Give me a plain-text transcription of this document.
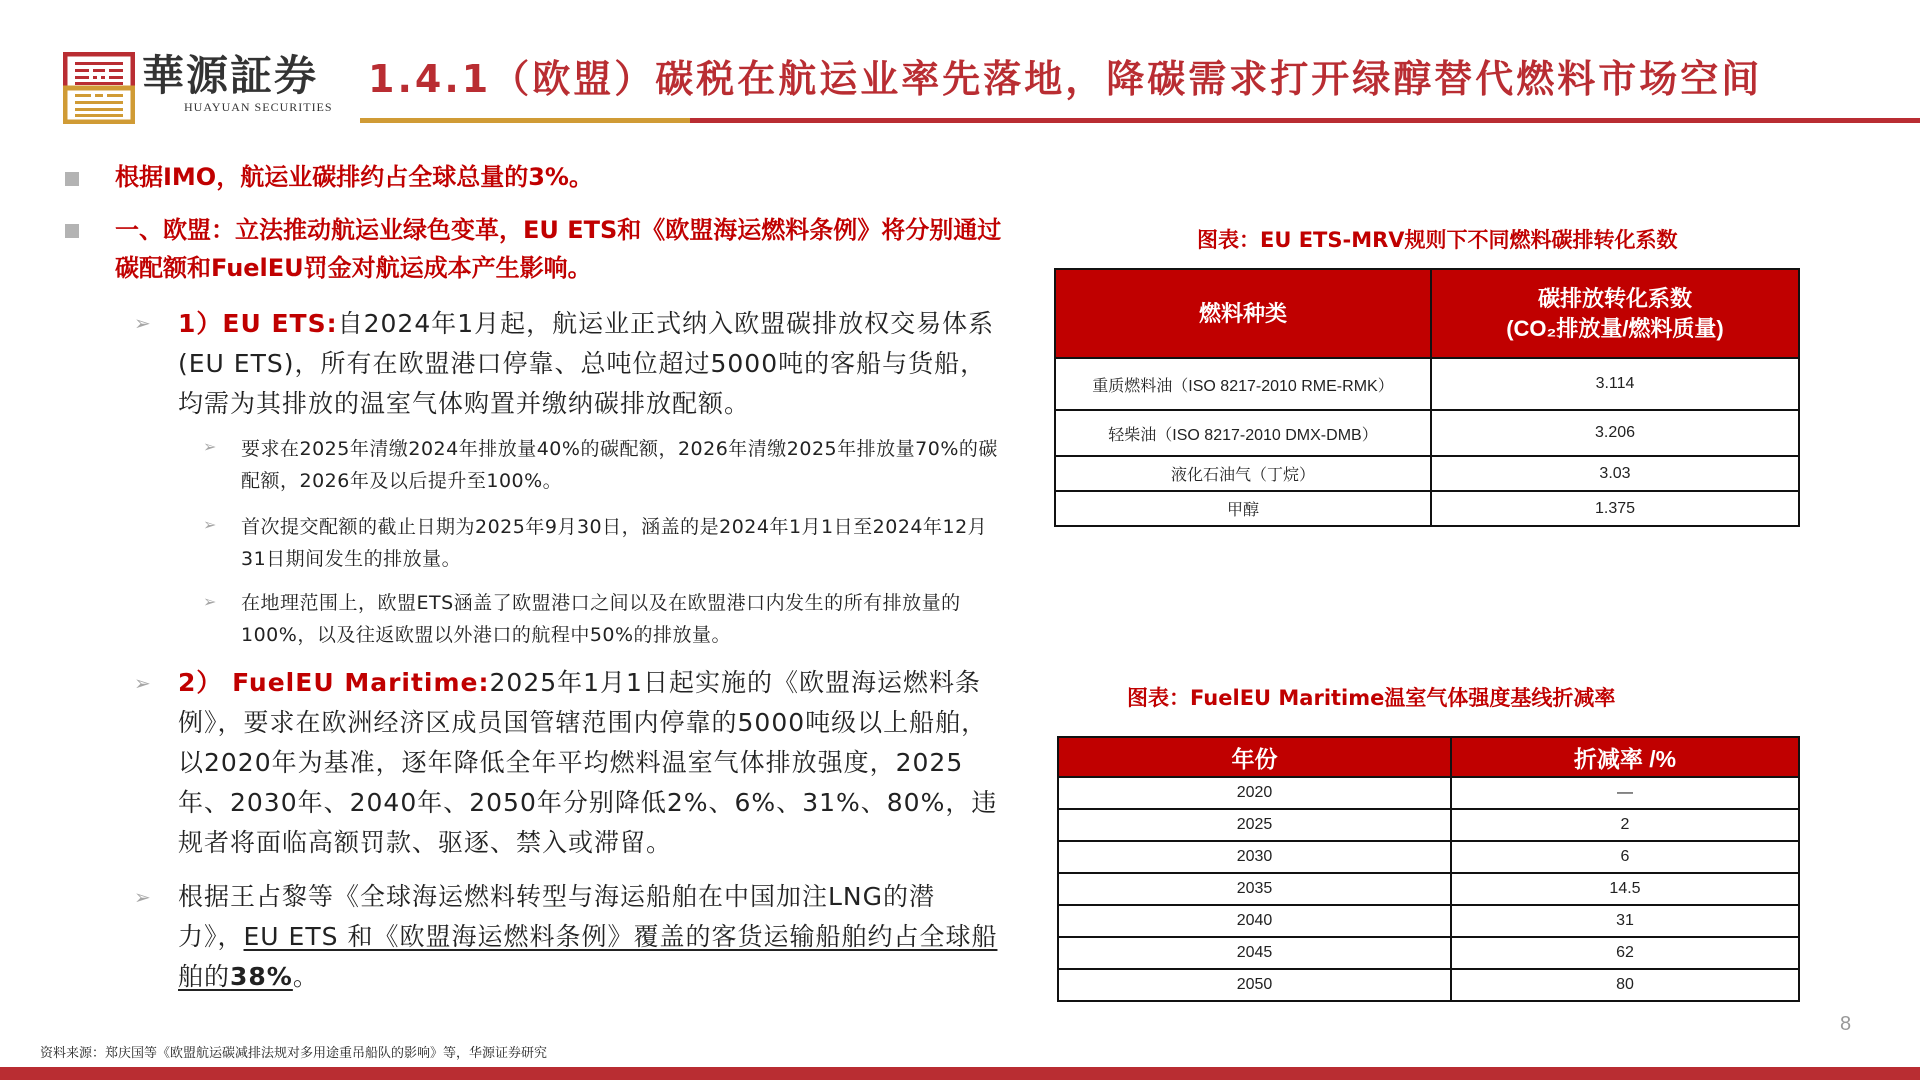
華源証券
HUAYUAN SECURITIES
1.4.1（欧盟）碳税在航运业率先落地，降碳需求打开绿醇替代燃料市场空间
根据IMO，航运业碳排约占全球总量的3%。
一、欧盟：立法推动航运业绿色变革，EU ETS和《欧盟海运燃料条例》将分别通过碳配额和FuelEU罚金对航运成本产生影响。
➢ 1）EU ETS:自2024年1月起，航运业正式纳入欧盟碳排放权交易体系(EU ETS)，所有在欧盟港口停靠、总吨位超过5000吨的客船与货船，均需为其排放的温室气体购置并缴纳碳排放配额。
➢ 要求在2025年清缴2024年排放量40%的碳配额，2026年清缴2025年排放量70%的碳配额，2026年及以后提升至100%。
➢ 首次提交配额的截止日期为2025年9月30日，涵盖的是2024年1月1日至2024年12月31日期间发生的排放量。
➢ 在地理范围上，欧盟ETS涵盖了欧盟港口之间以及在欧盟港口内发生的所有排放量的100%，以及往返欧盟以外港口的航程中50%的排放量。
➢ 2） FuelEU Maritime:2025年1月1日起实施的《欧盟海运燃料条例》，要求在欧洲经济区成员国管辖范围内停靠的5000吨级以上船舶，以2020年为基准，逐年降低全年平均燃料温室气体排放强度，2025年、2030年、2040年、2050年分别降低2%、6%、31%、80%，违规者将面临高额罚款、驱逐、禁入或滞留。
➢ 根据王占黎等《全球海运燃料转型与海运船舶在中国加注LNG的潜力》，EU ETS 和《欧盟海运燃料条例》覆盖的客货运输船舶约占全球船舶的38%。
图表：EU ETS-MRV规则下不同燃料碳排转化系数
燃料种类	碳排放转化系数
(CO₂排放量/燃料质量)

重质燃料油（ISO 8217-2010 RME-RMK）	3.114
轻柴油（ISO 8217-2010 DMX-DMB）	3.206
液化石油气（丁烷）	3.03
甲醇	1.375
图表：FuelEU Maritime温室气体强度基线折减率
年份	折减率 /%
2020	—
2025	2
2030	6
2035	14.5
2040	31
2045	62
2050	80
资料来源：郑庆国等《欧盟航运碳减排法规对多用途重吊船队的影响》等，华源证券研究
8
